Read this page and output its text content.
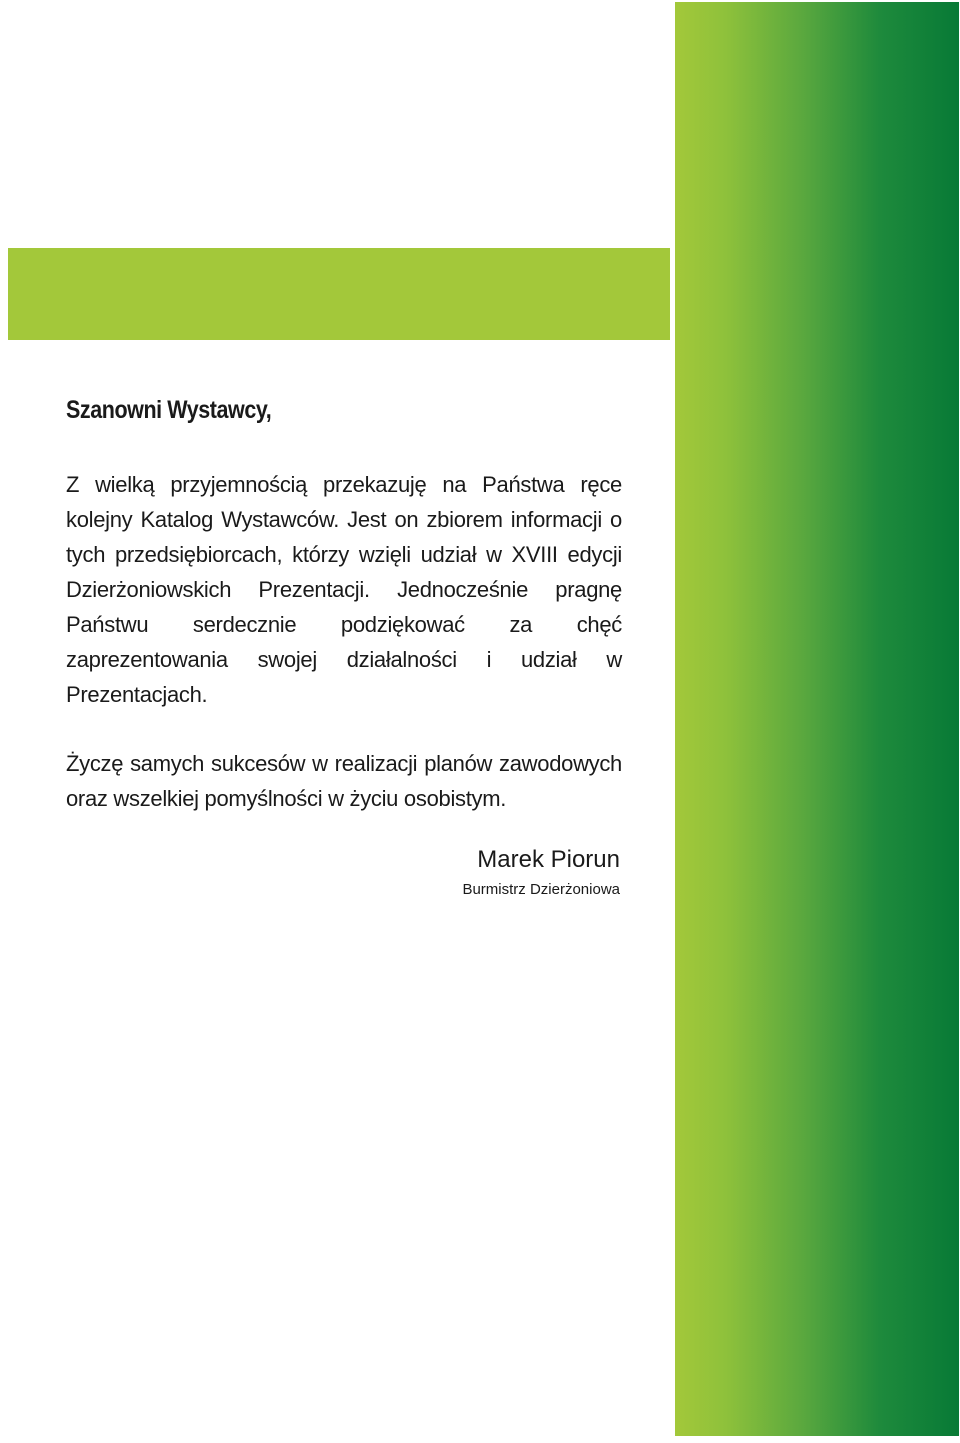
Szanowni Wystawcy,

Z wielką przyjemnością przekazuję na Państwa ręce kolejny Katalog Wystawców. Jest on zbiorem informacji o tych przedsiębiorcach, którzy wzięli udział w XVIII edycji Dzierżoniowskich Prezentacji. Jednocześnie pragnę Państwu serdecznie podziękować za chęć zaprezentowania swojej działalności i udział w Prezentacjach.

Życzę samych sukcesów w realizacji planów zawodowych oraz wszelkiej pomyślności w życiu osobistym.

Marek Piorun
Burmistrz Dzierżoniowa
